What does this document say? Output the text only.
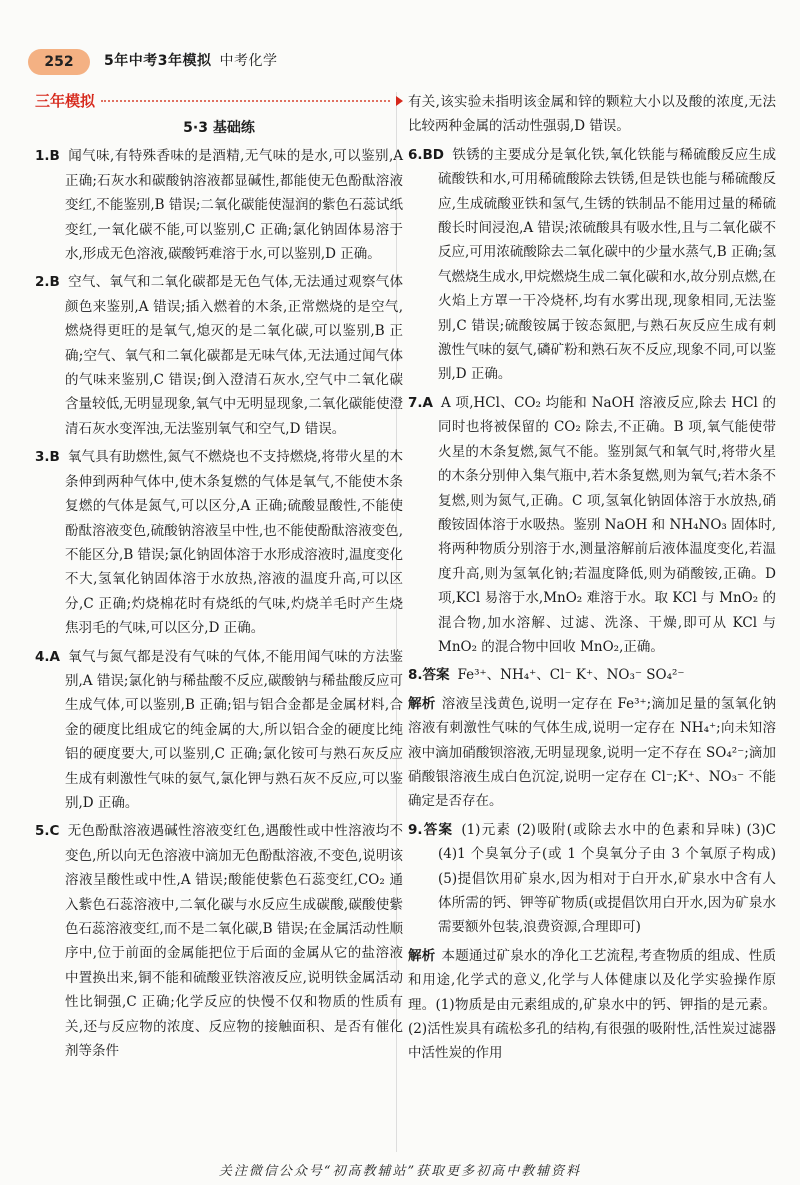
252	5年中考3年模拟 中考化学
三年模拟
5·3 基础练

1.B 闻气味,有特殊香味的是酒精,无气味的是水,可以鉴别,A 正确;石灰水和碳酸钠溶液都显碱性,都能使无色酚酞溶液变红,不能鉴别,B 错误;二氧化碳能使湿润的紫色石蕊试纸变红,一氧化碳不能,可以鉴别,C 正确;氯化钠固体易溶于水,形成无色溶液,碳酸钙难溶于水,可以鉴别,D 正确。

2.B 空气、氧气和二氧化碳都是无色气体,无法通过观察气体颜色来鉴别,A 错误;插入燃着的木条,正常燃烧的是空气,燃烧得更旺的是氧气,熄灭的是二氧化碳,可以鉴别,B 正确;空气、氧气和二氧化碳都是无味气体,无法通过闻气体的气味来鉴别,C 错误;倒入澄清石灰水,空气中二氧化碳含量较低,无明显现象,氧气中无明显现象,二氧化碳能使澄清石灰水变浑浊,无法鉴别氧气和空气,D 错误。

3.B 氧气具有助燃性,氮气不燃烧也不支持燃烧,将带火星的木条伸到两种气体中,使木条复燃的气体是氧气,不能使木条复燃的气体是氮气,可以区分,A 正确;硫酸显酸性,不能使酚酞溶液变色,硫酸钠溶液呈中性,也不能使酚酞溶液变色,不能区分,B 错误;氯化钠固体溶于水形成溶液时,温度变化不大,氢氧化钠固体溶于水放热,溶液的温度升高,可以区分,C 正确;灼烧棉花时有烧纸的气味,灼烧羊毛时产生烧焦羽毛的气味,可以区分,D 正确。

4.A 氧气与氮气都是没有气味的气体,不能用闻气味的方法鉴别,A 错误;氯化钠与稀盐酸不反应,碳酸钠与稀盐酸反应可生成气体,可以鉴别,B 正确;铝与铝合金都是金属材料,合金的硬度比组成它的纯金属的大,所以铝合金的硬度比纯铝的硬度要大,可以鉴别,C 正确;氯化铵可与熟石灰反应生成有刺激性气味的氨气,氯化钾与熟石灰不反应,可以鉴别,D 正确。

5.C 无色酚酞溶液遇碱性溶液变红色,遇酸性或中性溶液均不变色,所以向无色溶液中滴加无色酚酞溶液,不变色,说明该溶液呈酸性或中性,A 错误;酸能使紫色石蕊变红,CO₂ 通入紫色石蕊溶液中,二氧化碳与水反应生成碳酸,碳酸使紫色石蕊溶液变红,而不是二氧化碳,B 错误;在金属活动性顺序中,位于前面的金属能把位于后面的金属从它的盐溶液中置换出来,铜不能和硫酸亚铁溶液反应,说明铁金属活动性比铜强,C 正确;化学反应的快慢不仅和物质的性质有关,还与反应物的浓度、反应物的接触面积、是否有催化剂等条件

有关,该实验未指明该金属和锌的颗粒大小以及酸的浓度,无法比较两种金属的活动性强弱,D 错误。

6.BD 铁锈的主要成分是氧化铁,氧化铁能与稀硫酸反应生成硫酸铁和水,可用稀硫酸除去铁锈,但是铁也能与稀硫酸反应,生成硫酸亚铁和氢气,生锈的铁制品不能用过量的稀硫酸长时间浸泡,A 错误;浓硫酸具有吸水性,且与二氧化碳不反应,可用浓硫酸除去二氧化碳中的少量水蒸气,B 正确;氢气燃烧生成水,甲烷燃烧生成二氧化碳和水,故分别点燃,在火焰上方罩一干冷烧杯,均有水雾出现,现象相同,无法鉴别,C 错误;硫酸铵属于铵态氮肥,与熟石灰反应生成有刺激性气味的氨气,磷矿粉和熟石灰不反应,现象不同,可以鉴别,D 正确。

7.A A 项,HCl、CO₂ 均能和 NaOH 溶液反应,除去 HCl 的同时也将被保留的 CO₂ 除去,不正确。B 项,氧气能使带火星的木条复燃,氮气不能。鉴别氮气和氧气时,将带火星的木条分别伸入集气瓶中,若木条复燃,则为氧气;若木条不复燃,则为氮气,正确。C 项,氢氧化钠固体溶于水放热,硝酸铵固体溶于水吸热。鉴别 NaOH 和 NH₄NO₃ 固体时,将两种物质分别溶于水,测量溶解前后液体温度变化,若温度升高,则为氢氧化钠;若温度降低,则为硝酸铵,正确。D 项,KCl 易溶于水,MnO₂ 难溶于水。取 KCl 与 MnO₂ 的混合物,加水溶解、过滤、洗涤、干燥,即可从 KCl 与 MnO₂ 的混合物中回收 MnO₂,正确。

8.答案 Fe³⁺、NH₄⁺、Cl⁻ K⁺、NO₃⁻ SO₄²⁻

解析 溶液呈浅黄色,说明一定存在 Fe³⁺;滴加足量的氢氧化钠溶液有刺激性气味的气体生成,说明一定存在 NH₄⁺;向未知溶液中滴加硝酸钡溶液,无明显现象,说明一定不存在 SO₄²⁻;滴加硝酸银溶液生成白色沉淀,说明一定存在 Cl⁻;K⁺、NO₃⁻ 不能确定是否存在。

9.答案 (1)元素 (2)吸附(或除去水中的色素和异味) (3)C (4)1 个臭氧分子(或 1 个臭氧分子由 3 个氧原子构成) (5)提倡饮用矿泉水,因为相对于白开水,矿泉水中含有人体所需的钙、钾等矿物质(或提倡饮用白开水,因为矿泉水需要额外包装,浪费资源,合理即可)

解析 本题通过矿泉水的净化工艺流程,考查物质的组成、性质和用途,化学式的意义,化学与人体健康以及化学实验操作原理。(1)物质是由元素组成的,矿泉水中的钙、钾指的是元素。(2)活性炭具有疏松多孔的结构,有很强的吸附性,活性炭过滤器中活性炭的作用

关注微信公众号“初高教辅站”获取更多初高中教辅资料
